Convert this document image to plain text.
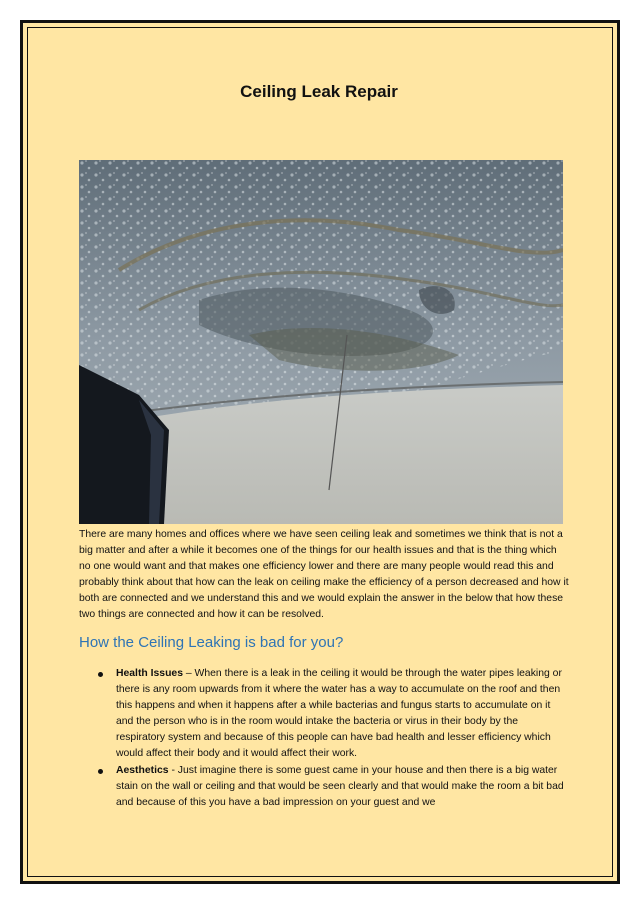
Ceiling Leak Repair
There are many homes and offices where we have seen ceiling leak and sometimes we think that is not a big matter and after a while it becomes one of the things for our health issues and that is the thing which no one would want and that makes one efficiency lower and there are many people would read this and probably think about that how can the leak on ceiling make the efficiency of a person decreased and how it both are connected and we understand this and we would explain the answer in the below that how these two things are connected and how it can be resolved.
How the Ceiling Leaking is bad for you?
Health Issues – When there is a leak in the ceiling it would be through the water pipes leaking or there is any room upwards from it where the water has a way to accumulate on the roof and then this happens and when it happens after a while bacterias and fungus starts to accumulate on it and the person who is in the room would intake the bacteria or virus in their body by the respiratory system and because of this people can have bad health and lesser efficiency which would affect their body and it would affect their work.
Aesthetics - Just imagine there is some guest came in your house and then there is a big water stain on the wall or ceiling and that would be seen clearly and that would make the room a bit bad and because of this you have a bad impression on your guest and we
